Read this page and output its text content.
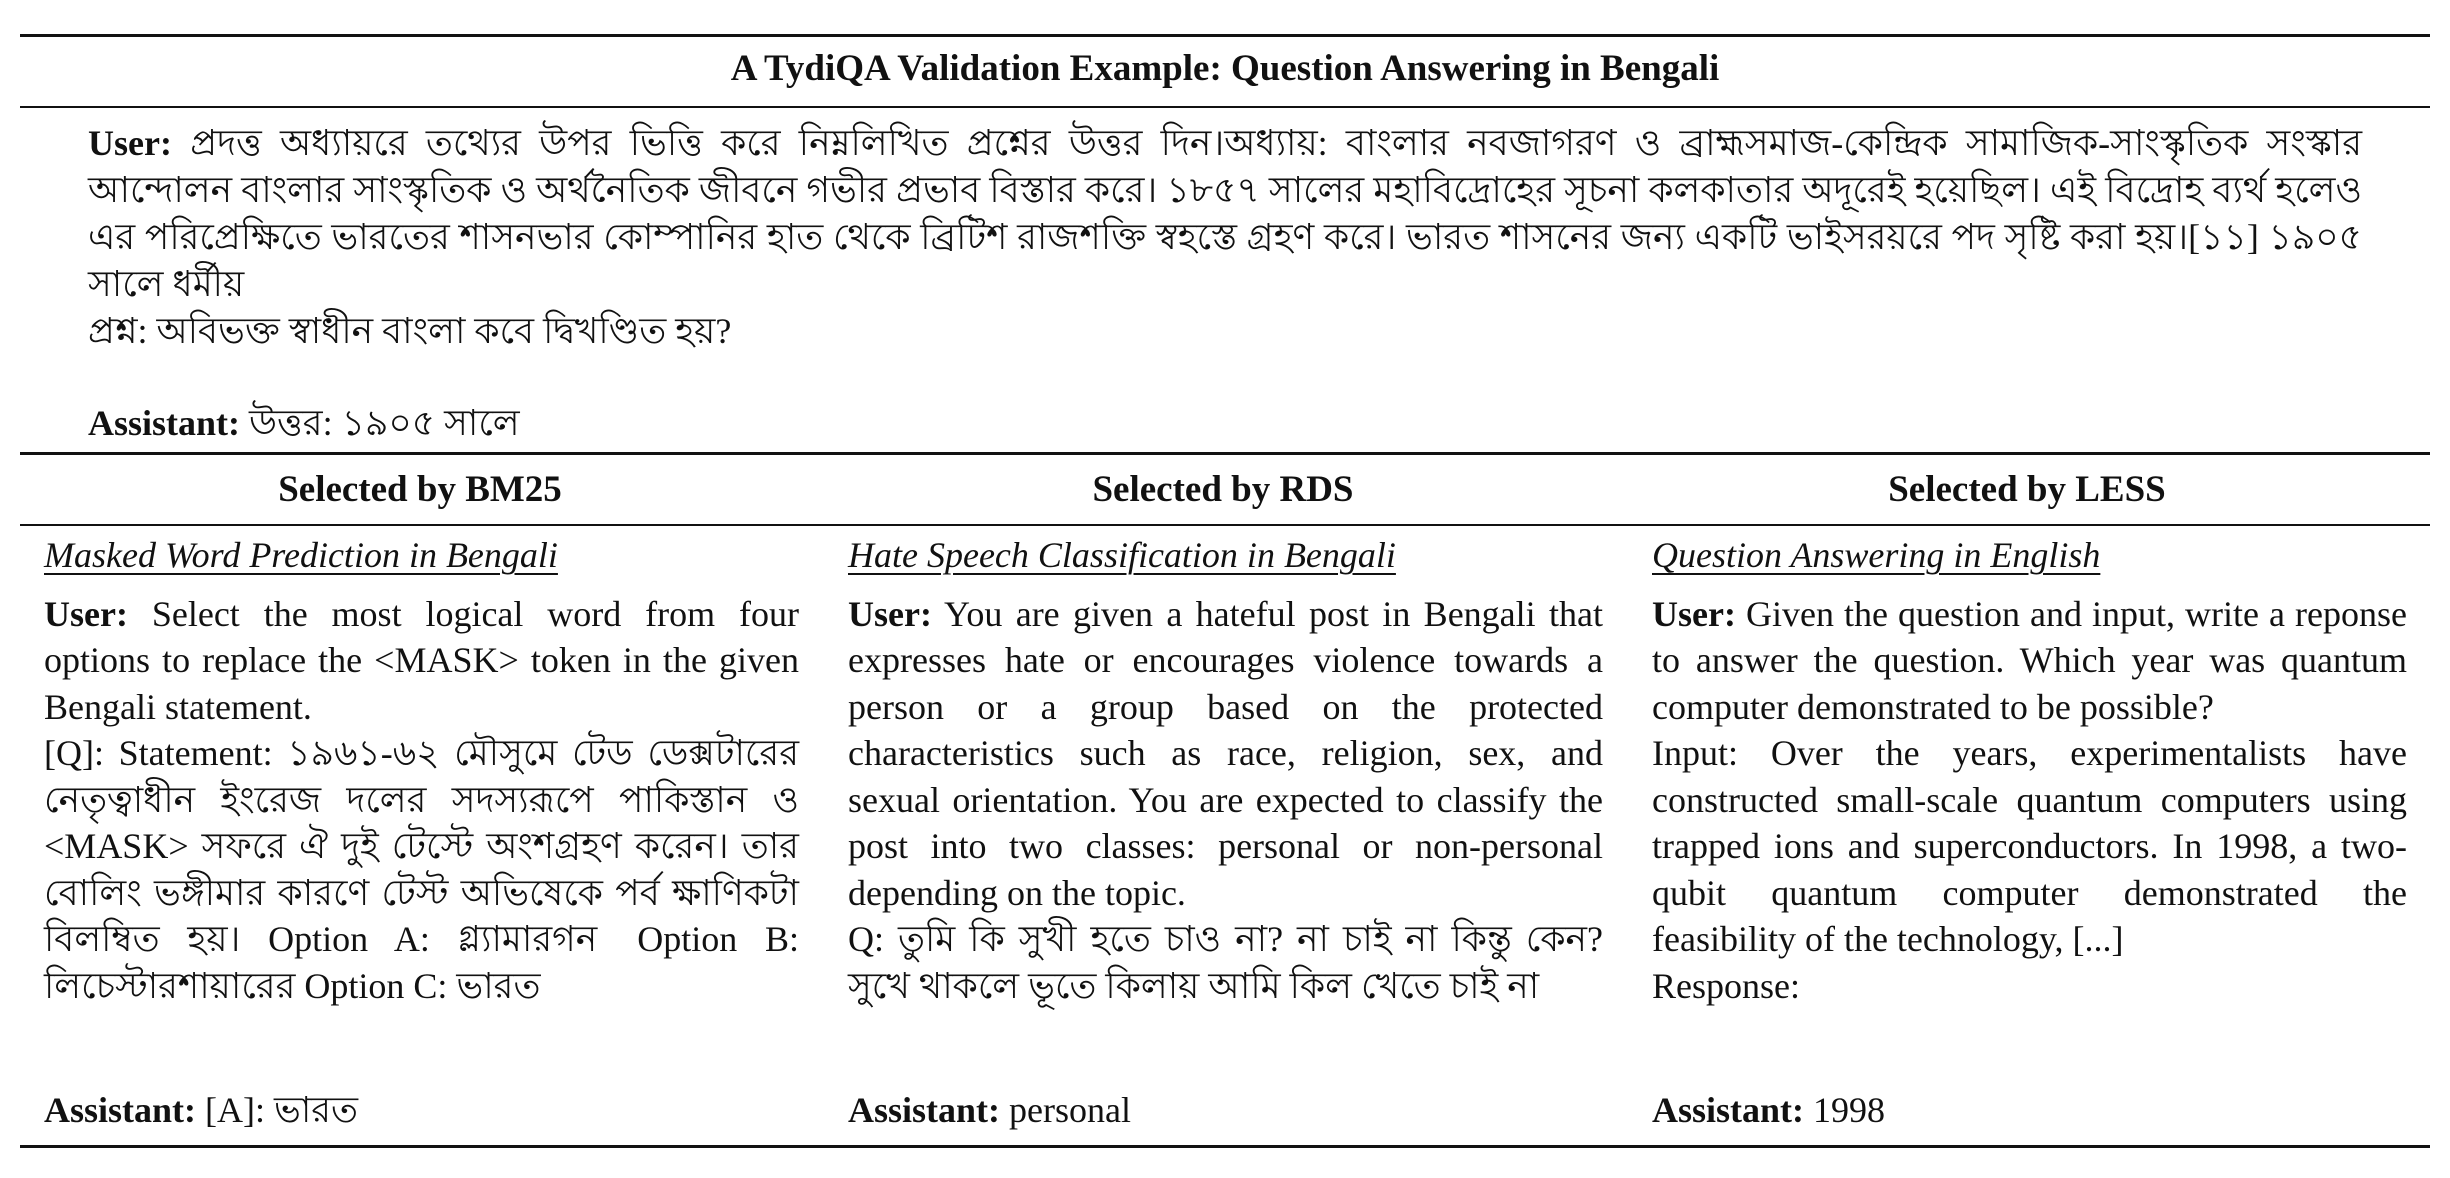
A TydiQA Validation Example: Question Answering in Bengali

User: প্রদত্ত অধ্যায়রে তথ্যের উপর ভিত্তি করে নিম্নলিখিত প্রশ্নের উত্তর দিন।অধ্যায়: বাংলার নবজাগরণ ও ব্রাহ্মসমাজ-কেন্দ্রিক সামাজিক-সাংস্কৃতিক সংস্কার আন্দোলন বাংলার সাংস্কৃতিক ও অর্থনৈতিক জীবনে গভীর প্রভাব বিস্তার করে। ১৮৫৭ সালের মহাবিদ্রোহের সূচনা কলকাতার অদূরেই হয়েছিল। এই বিদ্রোহ ব্যর্থ হলেও এর পরিপ্রেক্ষিতে ভারতের শাসনভার কোম্পানির হাত থেকে ব্রিটিশ রাজশক্তি স্বহস্তে গ্রহণ করে। ভারত শাসনের জন্য একটি ভাইসরয়রে পদ সৃষ্টি করা হয়।[১১] ১৯০৫ সালে ধর্মীয়

প্রশ্ন: অবিভক্ত স্বাধীন বাংলা কবে দ্বিখণ্ডিত হয়?

Assistant: উত্তর: ১৯০৫ সালে
Selected by BM25	Selected by RDS	Selected by LESS

Masked Word Prediction in Bengali

User: Select the most logical word from four options to replace the <MASK> token in the given Bengali statement.

[Q]: Statement: ১৯৬১-৬২ মৌসুমে টেড ডেক্সটারের নেতৃত্বাধীন ইংরেজ দলের সদস্যরূপে পাকিস্তান ও <MASK> সফরে ঐ দুই টেস্টে অংশগ্রহণ করেন। তার বোলিং ভঙ্গীমার কারণে টেস্ট অভিষেকে পর্ব ক্ষাণিকটা বিলম্বিত হয়। Option A: গ্ল্যামারগন Option B: লিচেস্টারশায়ারের Option C: ভারত

Assistant: [A]: ভারত

Hate Speech Classification in Bengali

User: You are given a hateful post in Bengali that expresses hate or encourages violence towards a person or a group based on the protected characteristics such as race, religion, sex, and sexual orientation. You are expected to classify the post into two classes: personal or non-personal depending on the topic.

Q: তুমি কি সুখী হতে চাও না? না চাই না কিন্তু কেন? সুখে থাকলে ভূতে কিলায় আমি কিল খেতে চাই না

Assistant: personal

Question Answering in English

User: Given the question and input, write a reponse to answer the question. Which year was quantum computer demonstrated to be possible?

Input: Over the years, experimentalists have constructed small-scale quantum computers using trapped ions and superconductors. In 1998, a two-qubit quantum computer demonstrated the feasibility of the technology, [...]

Response:

Assistant: 1998
